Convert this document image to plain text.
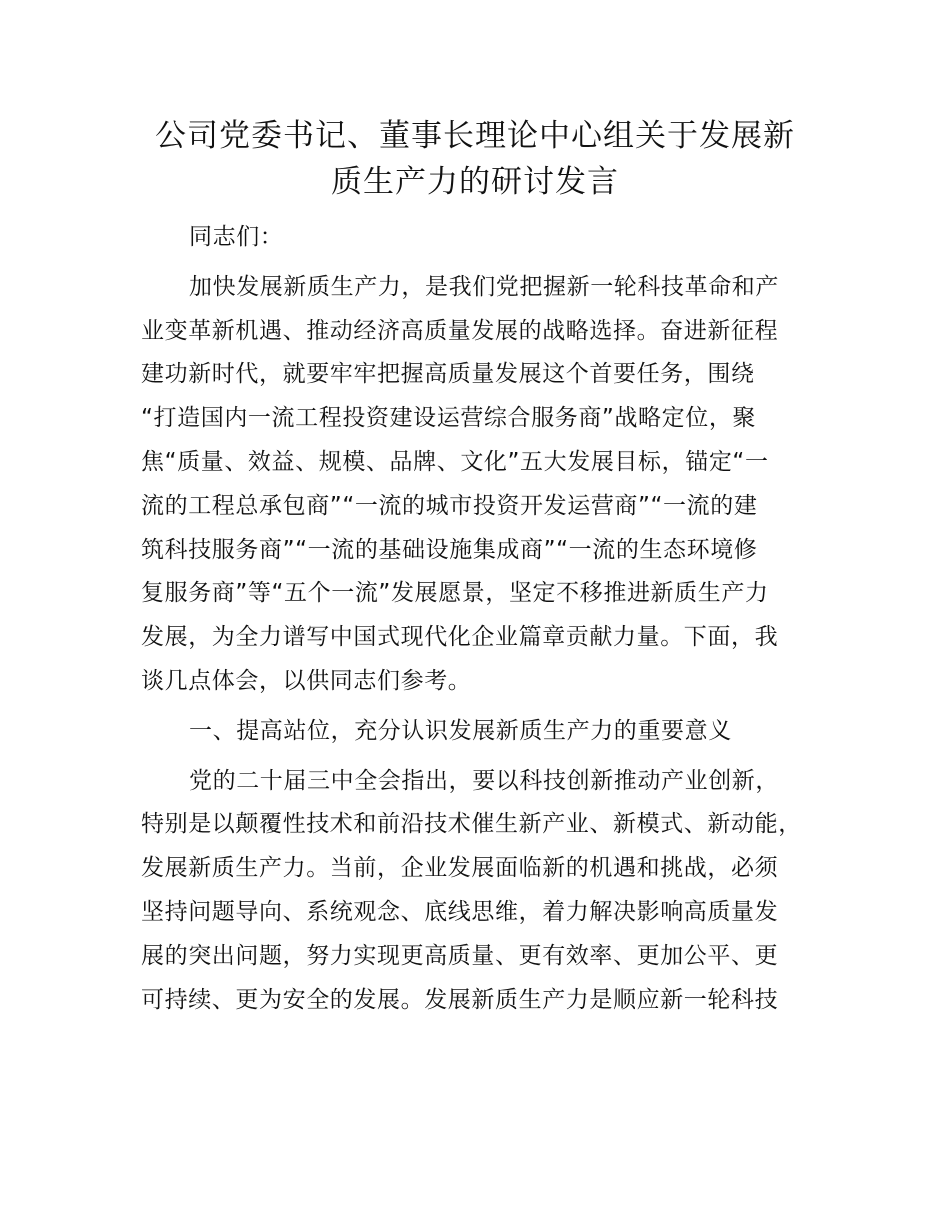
公司党委书记、董事长理论中心组关于发展新
质生产力的研讨发言
同志们：
加快发展新质生产力，是我们党把握新一轮科技革命和产
业变革新机遇、推动经济高质量发展的战略选择。奋进新征程
建功新时代，就要牢牢把握高质量发展这个首要任务，围绕
“打造国内一流工程投资建设运营综合服务商”战略定位，聚
焦“质量、效益、规模、品牌、文化”五大发展目标，锚定“一
流的工程总承包商”“一流的城市投资开发运营商”“一流的建
筑科技服务商”“一流的基础设施集成商”“一流的生态环境修
复服务商”等“五个一流”发展愿景，坚定不移推进新质生产力
发展，为全力谱写中国式现代化企业篇章贡献力量。下面，我
谈几点体会，以供同志们参考。
一、提高站位，充分认识发展新质生产力的重要意义
党的二十届三中全会指出，要以科技创新推动产业创新，
特别是以颠覆性技术和前沿技术催生新产业、新模式、新动能，
发展新质生产力。当前，企业发展面临新的机遇和挑战，必须
坚持问题导向、系统观念、底线思维，着力解决影响高质量发
展的突出问题，努力实现更高质量、更有效率、更加公平、更
可持续、更为安全的发展。发展新质生产力是顺应新一轮科技
